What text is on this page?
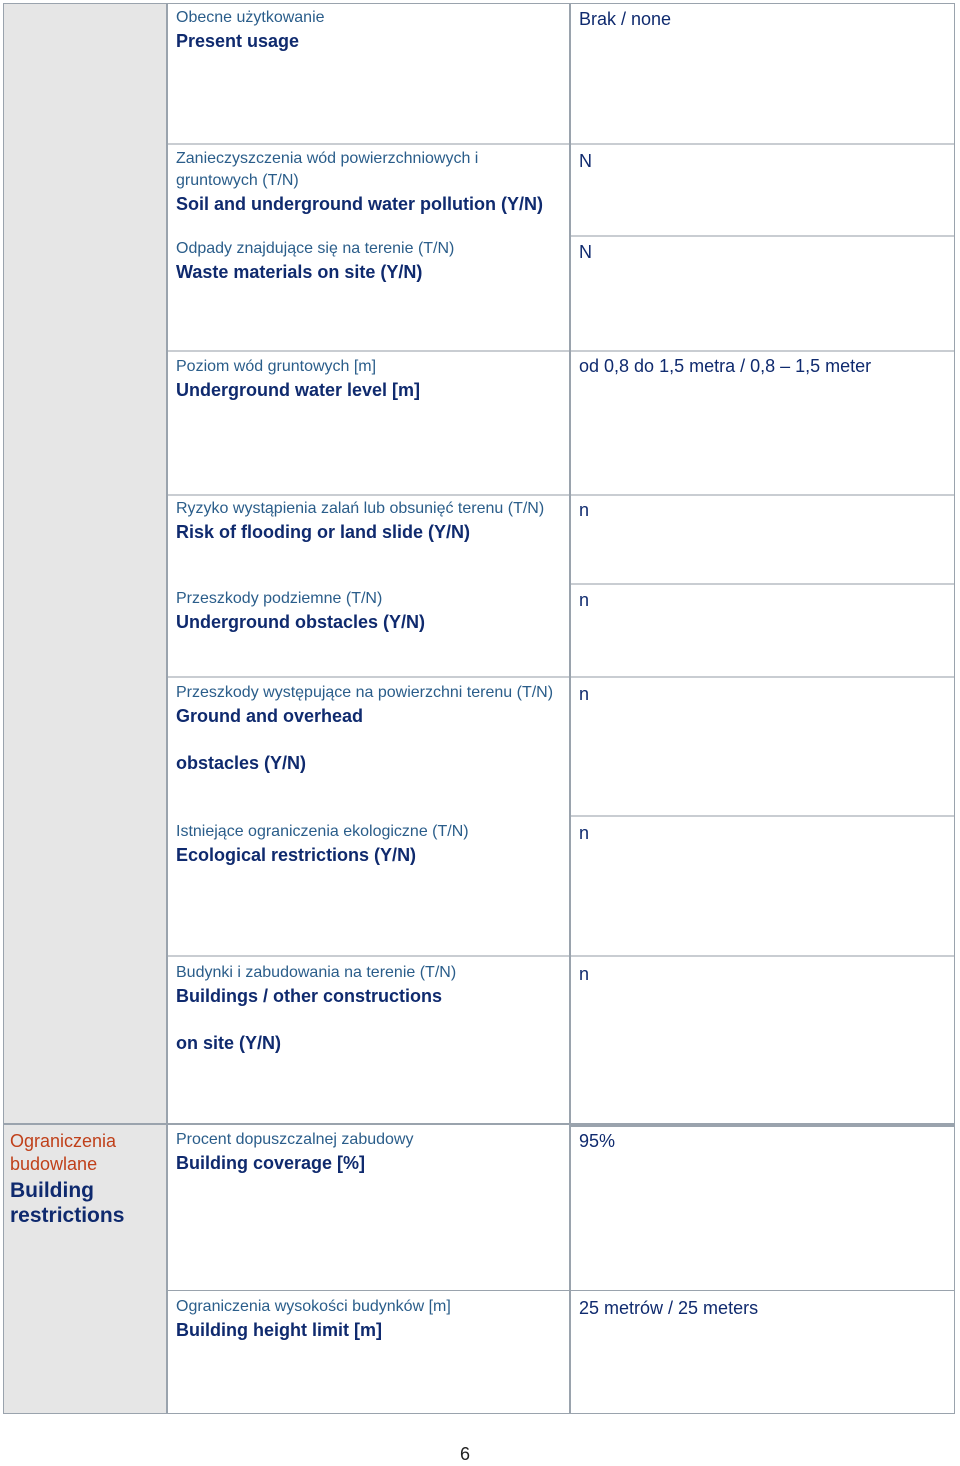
Obecne użytkowanie
Present usage
Brak / none
Zanieczyszczenia wód powierzchniowych i gruntowych (T/N)
Soil and underground water pollution (Y/N)
N
Odpady znajdujące się na terenie (T/N)
Waste materials on site (Y/N)
N
Poziom wód gruntowych [m]
Underground water level [m]
od 0,8 do 1,5 metra / 0,8 – 1,5 meter
Ryzyko wystąpienia zalań lub obsunięć terenu (T/N)
Risk of flooding or land slide (Y/N)
n
Przeszkody podziemne (T/N)
Underground obstacles (Y/N)
n
Przeszkody występujące na powierzchni terenu (T/N)
Ground and overhead
obstacles (Y/N)
n
Istniejące ograniczenia ekologiczne (T/N)
Ecological restrictions (Y/N)
n
Budynki i zabudowania na terenie (T/N)
Buildings / other constructions
on site (Y/N)
n
Ograniczenia budowlane
Building restrictions
Procent dopuszczalnej zabudowy
Building coverage [%]
95%
Ograniczenia wysokości budynków [m]
Building height limit [m]
25 metrów / 25 meters
6
